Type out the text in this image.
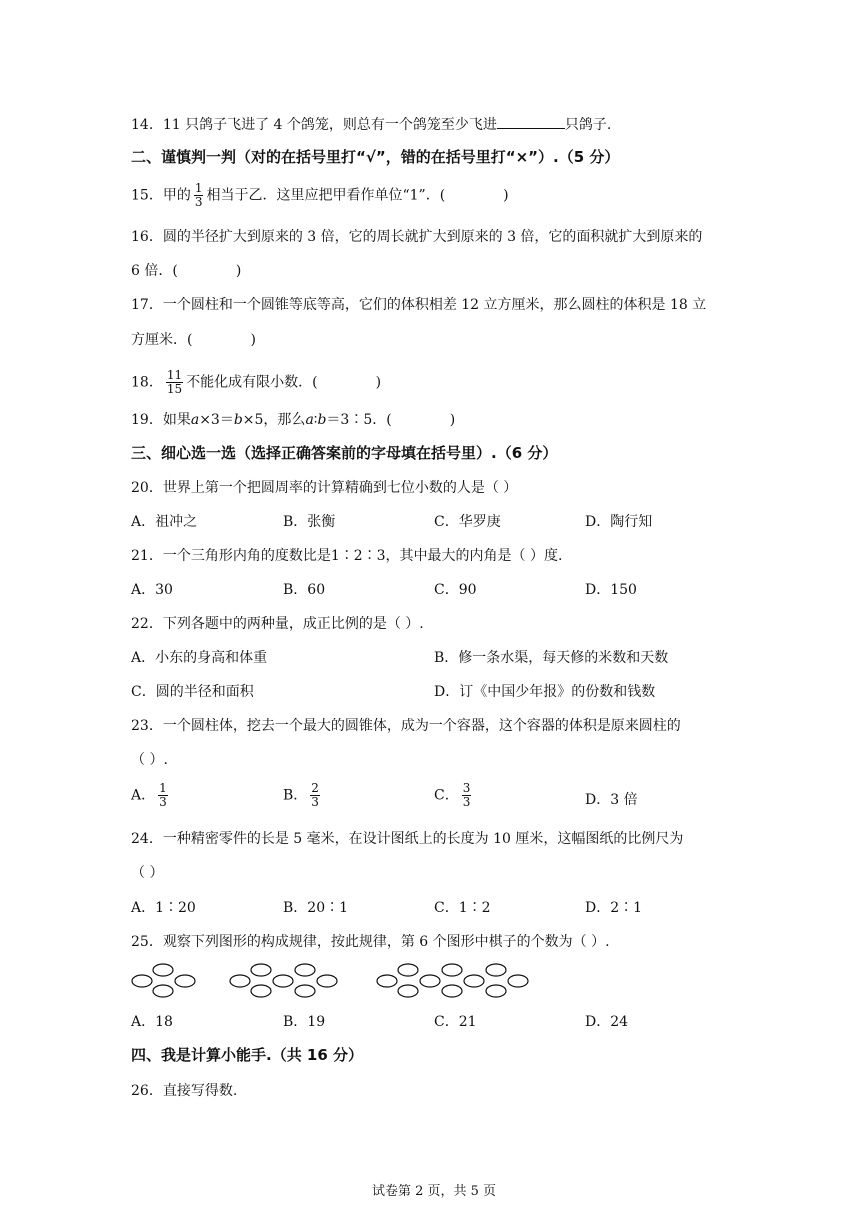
14．11 只鸽子飞进了 4 个鸽笼，则总有一个鸽笼至少飞进	只鸽子.
二、谨慎判一判（对的在括号里打“√”，错的在括号里打“×”）.（5 分）
15．甲的 $\frac{1}{3}$ 相当于乙．这里应把甲看作单位“1”．(	)
16．圆的半径扩大到原来的 3 倍，它的周长就扩大到原来的 3 倍，它的面积就扩大到原来的
6 倍．(	)
17．一个圆柱和一个圆锥等底等高，它们的体积相差 12 立方厘米，那么圆柱的体积是 18 立
方厘米．(	)
18． $\frac{11}{15}$ 不能化成有限小数．(	)
19．如果a×3＝b×5，那么a∶b＝3∶5．(	)
三、细心选一选（选择正确答案前的字母填在括号里）.（6 分）
20．世界上第一个把圆周率的计算精确到七位小数的人是（ ）
A．祖冲之	B．张衡	C．华罗庚	D．陶行知
21．一个三角形内角的度数比是1∶2∶3，其中最大的内角是（ ）度.
A．30	B．60	C．90	D．150
22．下列各题中的两种量，成正比例的是（ ）.
A．小东的身高和体重	B．修一条水渠，每天修的米数和天数
C．圆的半径和面积	D．订《中国少年报》的份数和钱数
23．一个圆柱体，挖去一个最大的圆锥体，成为一个容器，这个容器的体积是原来圆柱的
（ ）.
A． $\frac{1}{3}$	B． $\frac{2}{3}$	C． $\frac{3}{3}$	D．3 倍
24．一种精密零件的长是 5 毫米，在设计图纸上的长度为 10 厘米，这幅图纸的比例尺为
（ ）
A．1∶20	B．20∶1	C．1∶2	D．2∶1
25．观察下列图形的构成规律，按此规律，第 6 个图形中棋子的个数为（ ）.
A．18	B．19	C．21	D．24
四、我是计算小能手.（共 16 分）
26．直接写得数.
试卷第 2 页，共 5 页
